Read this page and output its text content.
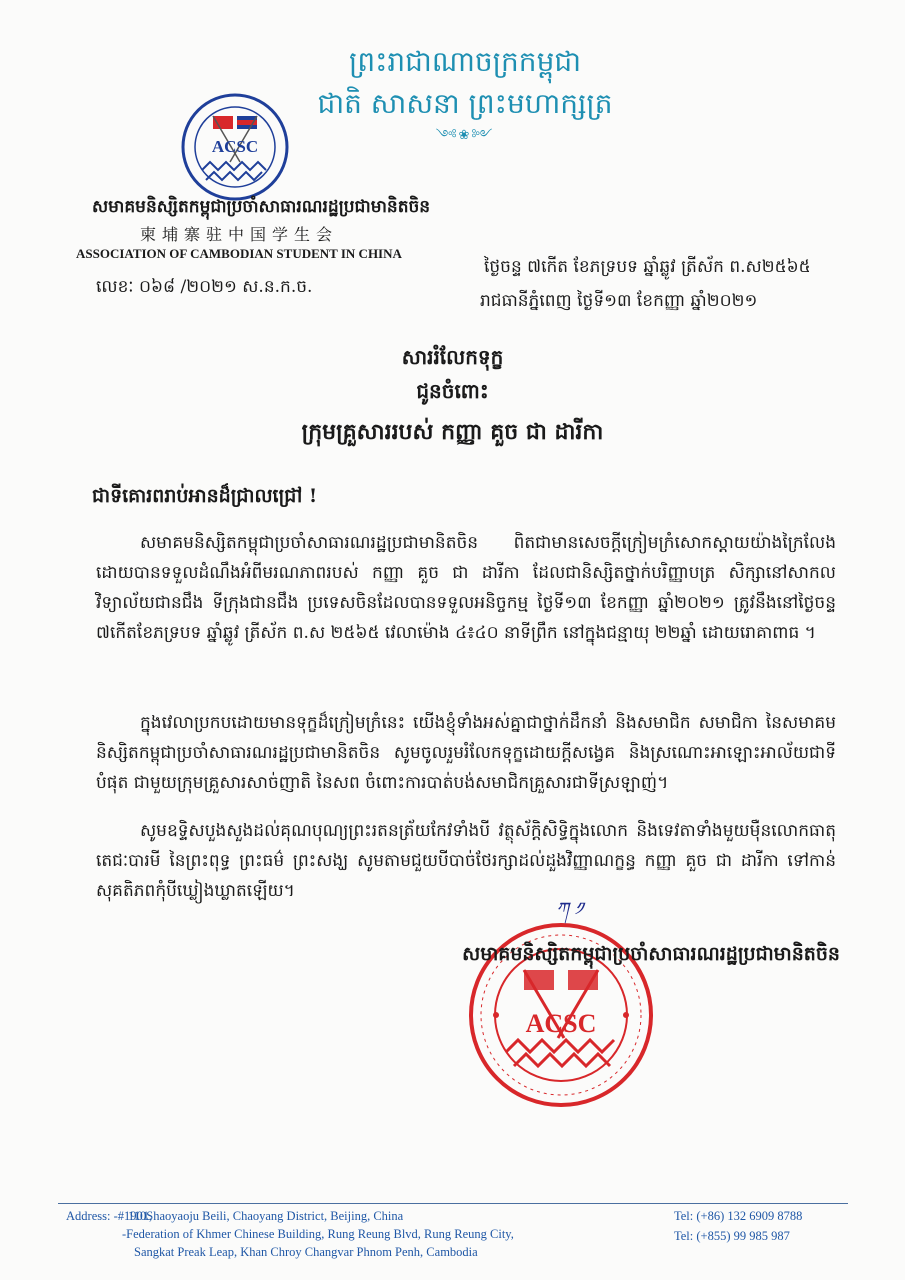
ព្រះរាជាណាចក្រកម្ពុជា
ជាតិ សាសនា ព្រះមហាក្សត្រ
༺❀༻
ACSC
សមាគមនិស្សិតកម្ពុជាប្រចាំសាធារណរដ្ឋប្រជាមានិតចិន
柬埔寨驻中国学生会
ASSOCIATION OF CAMBODIAN STUDENT IN CHINA
លេខៈ ០៦៨ /២០២១ ស.ន.ក.ច.
ថ្ងៃចន្ទ ៧កើត ខែភទ្របទ ឆ្នាំឆ្លូវ ត្រីស័ក ព.ស២៥៦៥
រាជធានីភ្នំពេញ ថ្ងៃទី១៣ ខែកញ្ញា ឆ្នាំ២០២១
សាររំលែកទុក្ខ
ជូនចំពោះ
ក្រុមគ្រួសាររបស់ កញ្ញា គួច ជា ដារីកា
ជាទីគោរពរាប់អានដ៏ជ្រាលជ្រៅ !
សមាគមនិស្សិតកម្ពុជាប្រចាំសាធារណរដ្ឋប្រជាមានិតចិន ពិតជាមានសេចក្តីក្រៀមក្រំសោកស្តាយយ៉ាងក្រៃលែង ដោយបានទទួលដំណឹងអំពីមរណភាពរបស់ កញ្ញា គួច ជា ដារីកា ដែលជានិស្សិតថ្នាក់បរិញ្ញាបត្រ សិក្សានៅសាកលវិទ្យាល័យជានជឹង ទីក្រុងជានជឹង ប្រទេសចិនដែលបានទទួលអនិច្ចកម្ម ថ្ងៃទី១៣ ខែកញ្ញា ឆ្នាំ២០២១ ត្រូវនឹងនៅថ្ងៃចន្ទ ៧កើតខែភទ្របទ ឆ្នាំឆ្លូវ ត្រីស័ក ព.ស ២៥៦៥ វេលាម៉ោង ៤៖៤០ នាទីព្រឹក នៅក្នុងជន្មាយុ ២២ឆ្នាំ ដោយរោគាពាធ ។
ក្នុងវេលាប្រកបដោយមានទុក្ខដ៏ក្រៀមក្រំនេះ យើងខ្ញុំទាំងអស់គ្នាជាថ្នាក់ដឹកនាំ និងសមាជិក សមាជិកា នៃសមាគមនិស្សិតកម្ពុជាប្រចាំសាធារណរដ្ឋប្រជាមានិតចិន សូមចូលរួមរំលែកទុក្ខដោយក្តីសង្វេគ និងស្រណោះអាឡោះអាល័យជាទីបំផុត ជាមួយក្រុមគ្រួសារសាច់ញាតិ នៃសព ចំពោះការបាត់បង់សមាជិកគ្រួសារជាទីស្រឡាញ់។
សូមឧទ្ទិសបួងសួងដល់គុណបុណ្យព្រះរតនត្រ័យកែវទាំងបី វត្ថុស័ក្តិសិទ្ធិក្នុងលោក និងទេវតាទាំងមួយម៉ឺនលោកធាតុ តេជៈបារមី នៃព្រះពុទ្ធ ព្រះធម៌ ព្រះសង្ឃ សូមតាមជួយបីបាច់ថែរក្សាដល់ដួងវិញ្ញាណក្ខន្ធ កញ្ញា គួច ជា ដារីកា ទៅកាន់សុគតិភពកុំបីឃ្លៀងឃ្លាតឡើយ។
ACSC
សមាគមនិស្សិតកម្ពុជាប្រចាំសាធារណរដ្ឋប្រជាមានិតចិន
ཀ ༡
Address: -#1901,
110Shaoyaoju Beili, Chaoyang District, Beijing, China
-Federation of Khmer Chinese Building, Rung Reung Blvd, Rung Reung City,
Sangkat Preak Leap, Khan Chroy Changvar Phnom Penh, Cambodia
Tel: (+86) 132 6909 8788
Tel: (+855) 99 985 987
